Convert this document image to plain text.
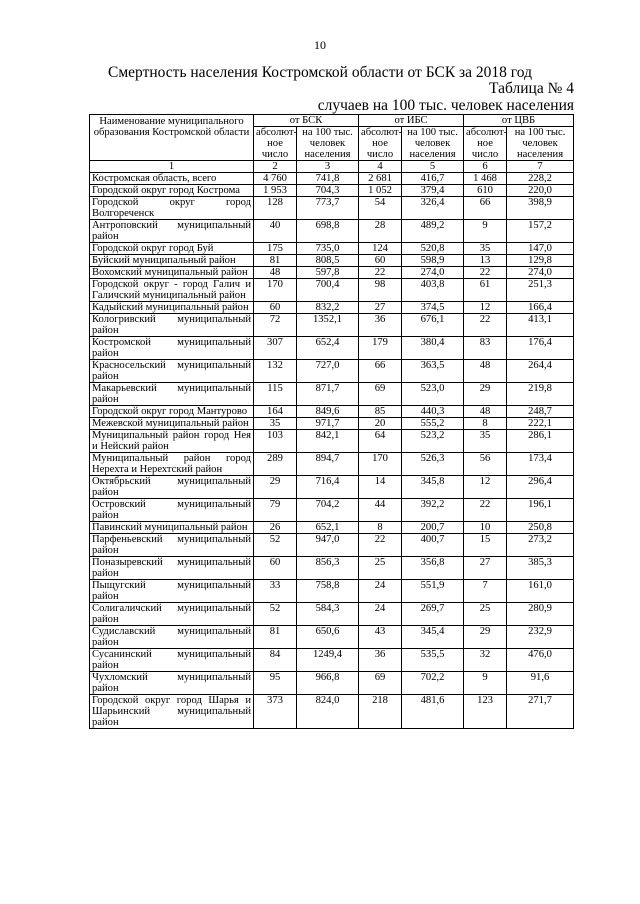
10
Смертность населения Костромской области от БСК за 2018 год
Таблица № 4
случаев на 100 тыс. человек населения
Наименование муниципального образования Костромской области	от БСК		от ИБС		от ЦВБ	
	абсолютное число	на 100 тыс. человек населения	абсолютное число	на 100 тыс. человек населения	абсолютное число	на 100 тыс. человек населения
1	2	3	4	5	6	7
Костромская область, всего	4 760	741,8	2 681	416,7	1 468	228,2
Городской округ город Кострома	1 953	704,3	1 052	379,4	610	220,0
Городской округ город Волгореченск	128	773,7	54	326,4	66	398,9
Антроповский муниципальный район	40	698,8	28	489,2	9	157,2
Городской округ город Буй	175	735,0	124	520,8	35	147,0
Буйский муниципальный район	81	808,5	60	598,9	13	129,8
Вохомский муниципальный район	48	597,8	22	274,0	22	274,0
Городской округ - город Галич и Галичский муниципальный район	170	700,4	98	403,8	61	251,3
Кадыйский муниципальный район	60	832,2	27	374,5	12	166,4
Кологривский муниципальный район	72	1352,1	36	676,1	22	413,1
Костромской муниципальный район	307	652,4	179	380,4	83	176,4
Красносельский муниципальный район	132	727,0	66	363,5	48	264,4
Макарьевский муниципальный район	115	871,7	69	523,0	29	219,8
Городской округ город Мантурово	164	849,6	85	440,3	48	248,7
Межевской муниципальный район	35	971,7	20	555,2	8	222,1
Муниципальный район город Нея и Нейский район	103	842,1	64	523,2	35	286,1
Муниципальный район город Нерехта и Нерехтский район	289	894,7	170	526,3	56	173,4
Октябрьский муниципальный район	29	716,4	14	345,8	12	296,4
Островский муниципальный район	79	704,2	44	392,2	22	196,1
Павинский муниципальный район	26	652,1	8	200,7	10	250,8
Парфеньевский муниципальный район	52	947,0	22	400,7	15	273,2
Поназыревский муниципальный район	60	856,3	25	356,8	27	385,3
Пыщугский муниципальный район	33	758,8	24	551,9	7	161,0
Солигаличский муниципальный район	52	584,3	24	269,7	25	280,9
Судиславский муниципальный район	81	650,6	43	345,4	29	232,9
Сусанинский муниципальный район	84	1249,4	36	535,5	32	476,0
Чухломский муниципальный район	95	966,8	69	702,2	9	91,6
Городской округ город Шарья и Шарьинский муниципальный район	373	824,0	218	481,6	123	271,7
